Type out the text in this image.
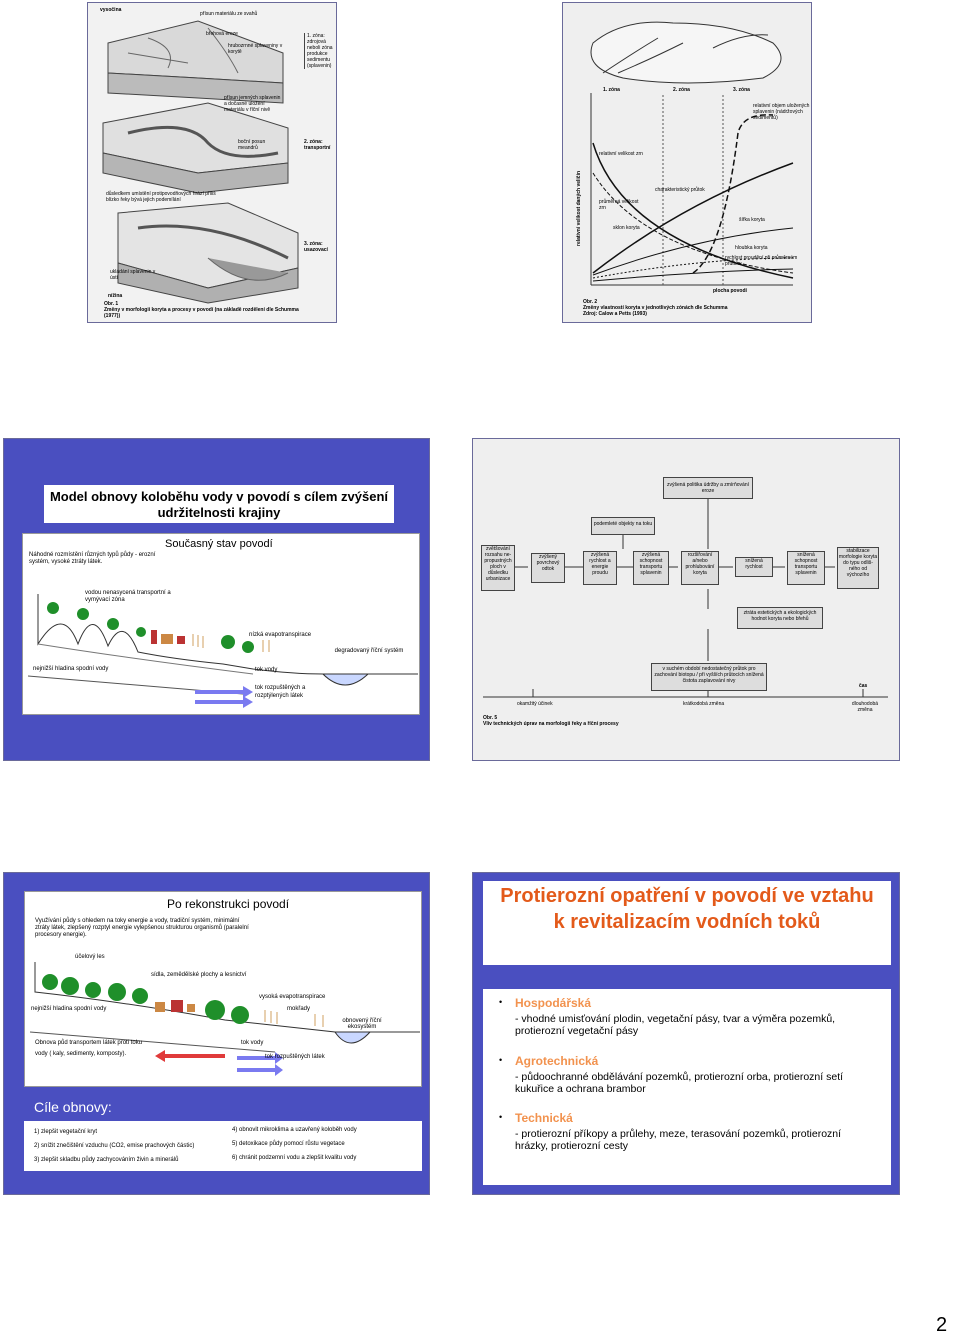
vysočina
přísun materiálu ze svahů
břehová eroze
hrubozrnné splaveniny v korytě
1. zóna: zdrojová neboli zóna produkce sedimentu (splavenin)
přísun jemných splavenin a dočasné uložení materiálu v říční nivě
boční posun meandrů
2. zóna: transportní
důsledkem umístění protipovodňových hrází příliš blízko řeky bývá jejich podemílání
3. zóna: usazovací
ukládání splavenin v ústí
nížina
Obr. 1
Změny v morfologii koryta a procesy v povodí (na základě rozdělení dle Schumma (1977))
1. zóna	2. zóna	3. zóna
relativní velikost daných veličin
relativní objem uložených splavenin (nádržových sedimentů)
relativní velikost zrn
průměrná velikost zrn
sklon koryta
charakteristický průtok
šířka koryta
hloubka koryta
rychlost proudění při průměrném průtoku
plocha povodí
Obr. 2
Změny vlastností koryta v jednotlivých zónách dle Schumma
Zdroj: Calow a Petts (1993)
Model obnovy koloběhu vody v povodí s cílem zvýšení udržitelnosti krajiny
Současný stav povodí
Náhodné rozmístění různých typů půdy - erozní systém, vysoké ztráty látek.
vodou nenasycená transportní a vymývací zóna
nízká evapotranspirace
degradovaný říční systém
nejnižší hladina spodní vody	tok vody
tok rozpuštěných a rozptýlených látek
zvýšená politika údržby a zmírňování eroze
podemleté objekty na toku
zvětšování rozsahu ne-propustných ploch v důsledku urbanizace
zvýšený povrchový odtok
zvýšená rychlost a energie proudu
zvýšená schopnost transportu splavenin
rozšiřování a/nebo prohlubování koryta
snížená rychlost
snížená schopnost transportu splavenin
stabilizace morfologie koryta do typu odliš-ného od výchozího
ztráta estetických a ekologických hodnot koryta nebo břehů
v suchém období nedostatečný průtok pro zachování biotopu / při vyšších průtocích snížená čistota zaplavování nivy
čas
okamžitý účinek	krátkodobá změna	dlouhodobá změna
Obr. 5
Vliv technických úprav na morfologii řeky a říční procesy
Po rekonstrukci povodí
Využívání půdy s ohledem na toky energie a vody, tradiční systém, minimální ztráty látek, zlepšený rozptyl energie vylepšenou strukturou organismů (paralelní procesory energie).
účelový les
sídla, zemědělské plochy a lesnictví
vysoká evapotranspirace
mokřady
obnovený říční ekosystém
nejnižší hladina spodní vody
Obnova půd transportem látek proti toku vody ( kaly, sedimenty, komposty).
tok vody
tok rozpuštěných látek
Cíle obnovy:
1) zlepšit vegetační kryt
2) snížit znečištění vzduchu (CO2, emise prachových částic)
3) zlepšit skladbu půdy zachycováním živin a minerálů
4) obnovit mikroklima a uzavřený koloběh vody
5) detoxikace půdy pomocí růstu vegetace
6) chránit podzemní vodu a zlepšit kvalitu vody
Protierozní opatření v povodí ve vztahu k revitalizacím vodních toků
• Hospodářská
- vhodné umisťování plodin, vegetační pásy, tvar a výměra pozemků, protierozní vegetační pásy
• Agrotechnická
- půdoochranné obdělávání pozemků, protierozní orba, protierozní setí kukuřice a ochrana brambor
• Technická
- protierozní příkopy a průlehy, meze, terasování pozemků, protierozní hrázky, protierozní cesty
2
